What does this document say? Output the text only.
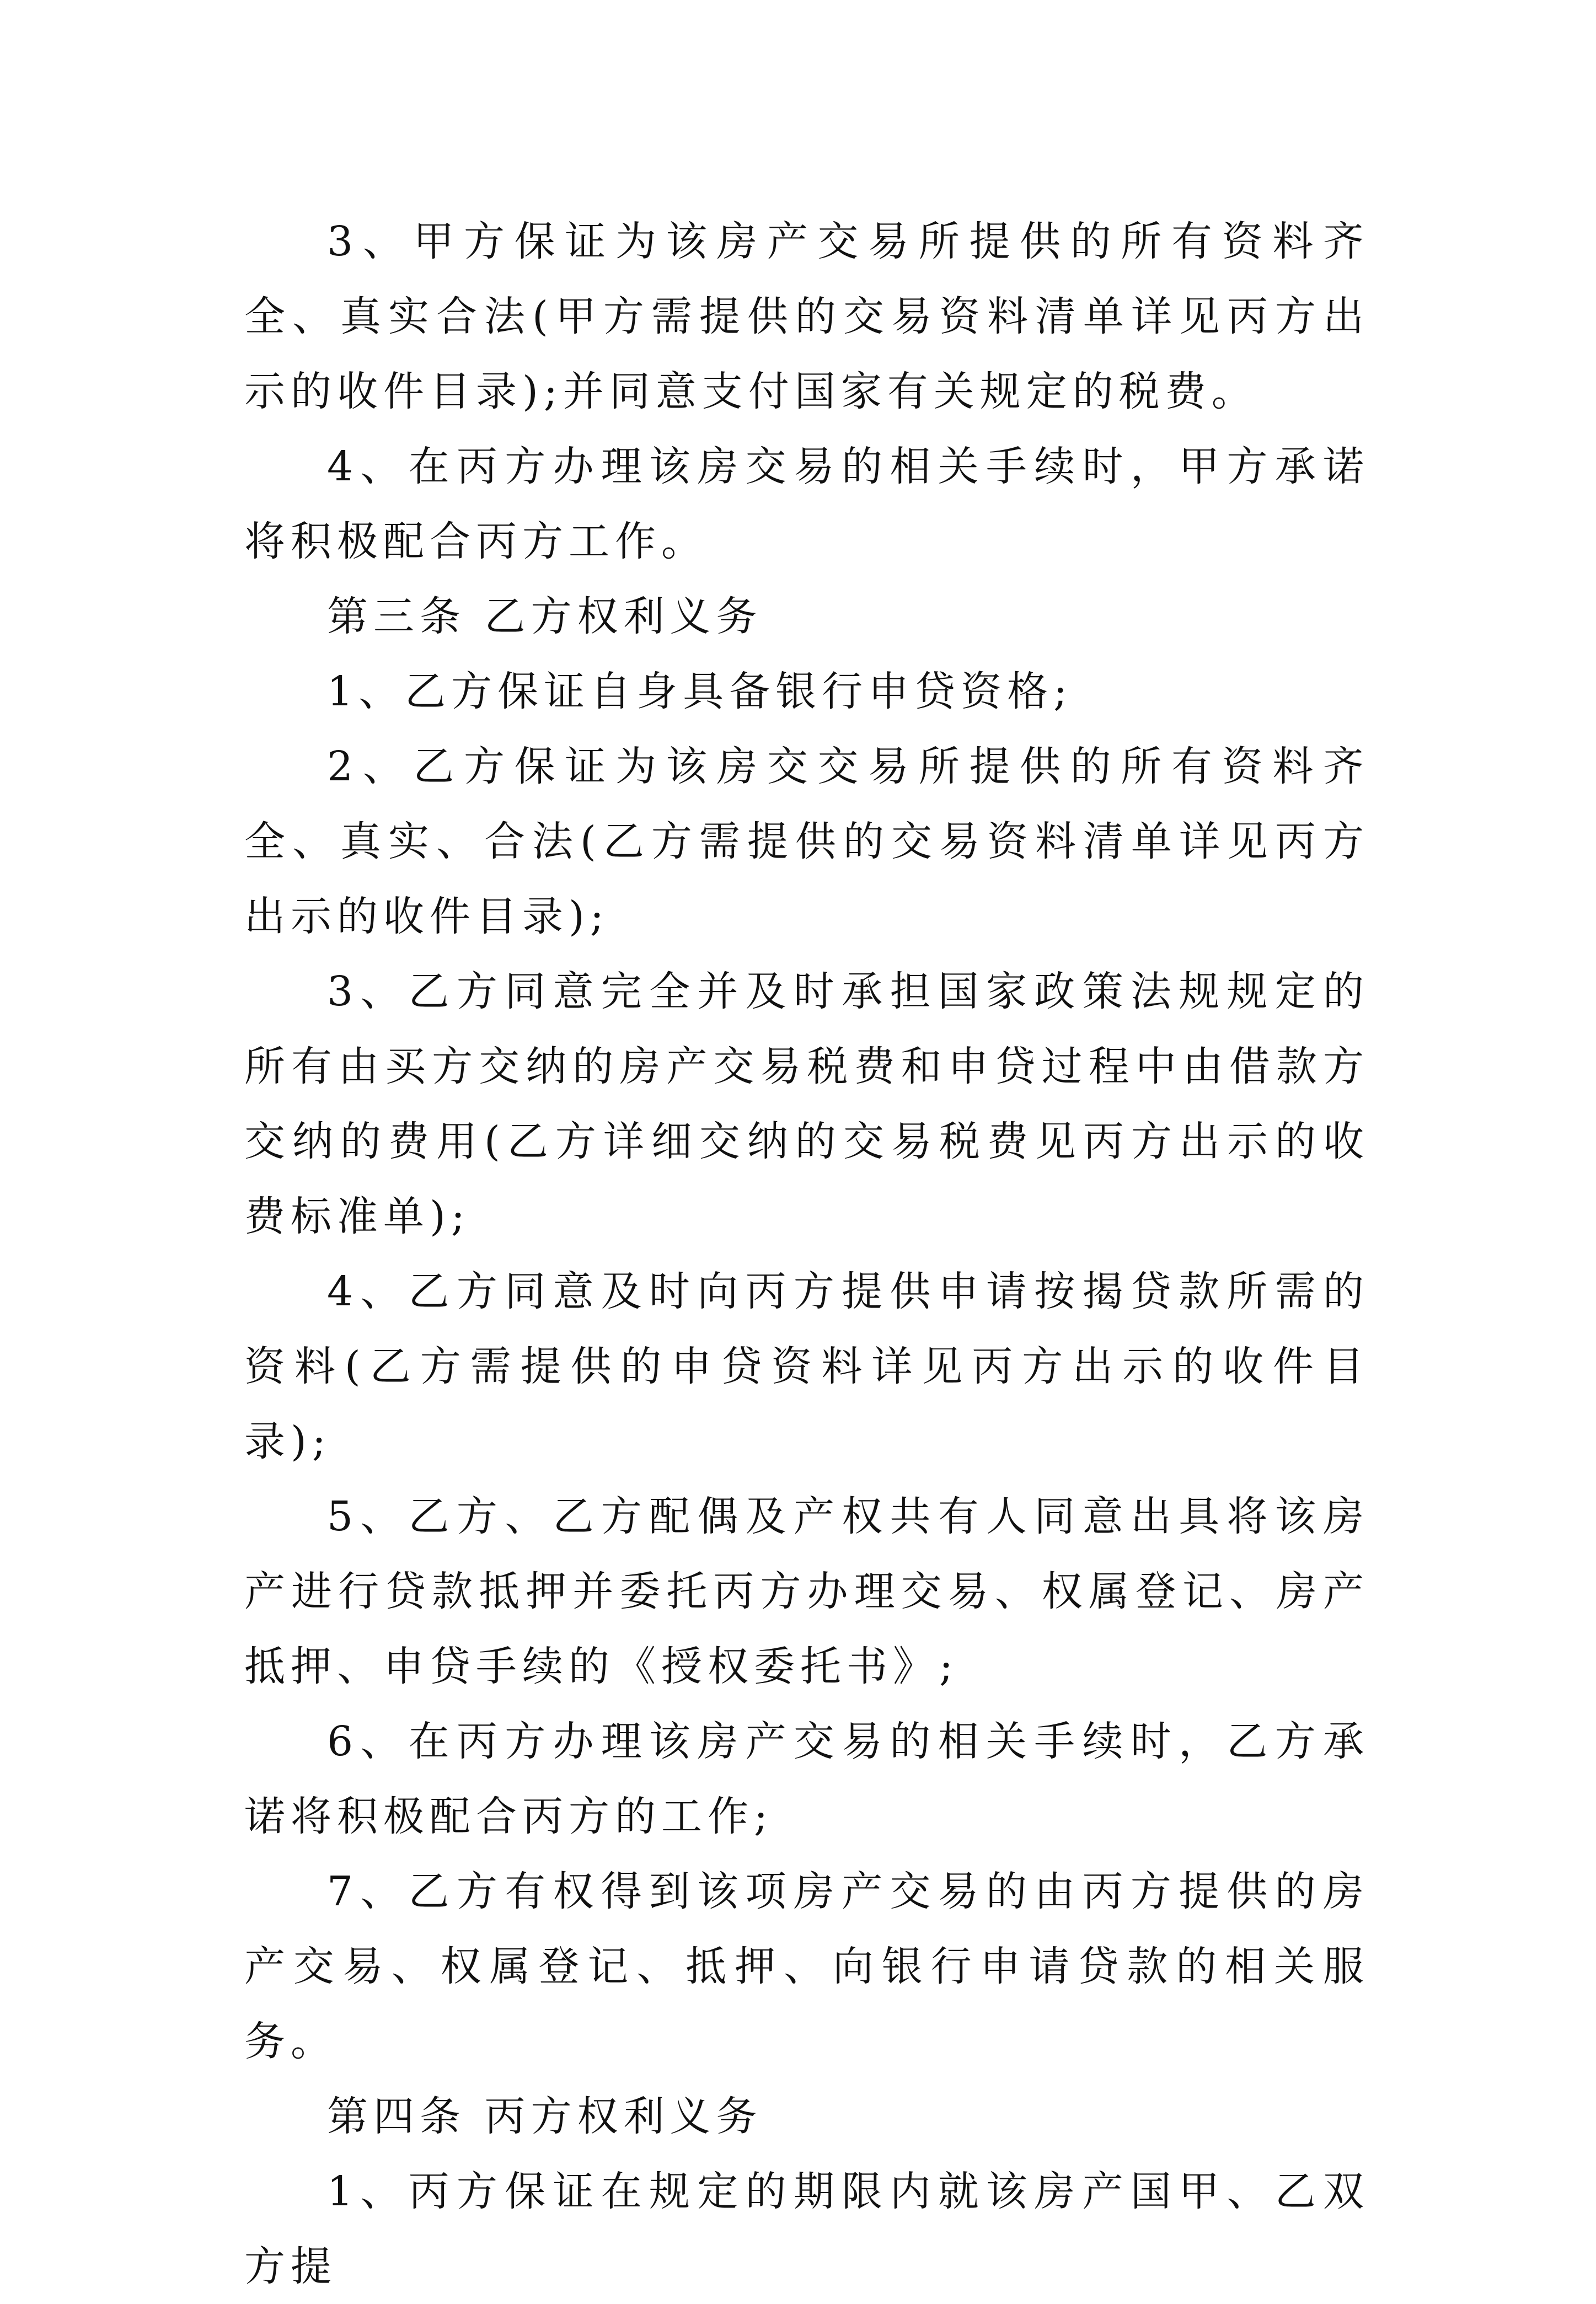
3、甲方保证为该房产交易所提供的所有资料齐全、真实合法(甲方需提供的交易资料清单详见丙方出示的收件目录);并同意支付国家有关规定的税费。

4、在丙方办理该房交易的相关手续时，甲方承诺将积极配合丙方工作。

第三条 乙方权利义务

1、乙方保证自身具备银行申贷资格;

2、乙方保证为该房交交易所提供的所有资料齐全、真实、合法(乙方需提供的交易资料清单详见丙方出示的收件目录);

3、乙方同意完全并及时承担国家政策法规规定的所有由买方交纳的房产交易税费和申贷过程中由借款方交纳的费用(乙方详细交纳的交易税费见丙方出示的收费标准单);

4、乙方同意及时向丙方提供申请按揭贷款所需的资料(乙方需提供的申贷资料详见丙方出示的收件目录);

5、乙方、乙方配偶及产权共有人同意出具将该房产进行贷款抵押并委托丙方办理交易、权属登记、房产抵押、申贷手续的《授权委托书》;

6、在丙方办理该房产交易的相关手续时，乙方承诺将积极配合丙方的工作;

7、乙方有权得到该项房产交易的由丙方提供的房产交易、权属登记、抵押、向银行申请贷款的相关服务。

第四条 丙方权利义务

1、丙方保证在规定的期限内就该房产国甲、乙双方提
